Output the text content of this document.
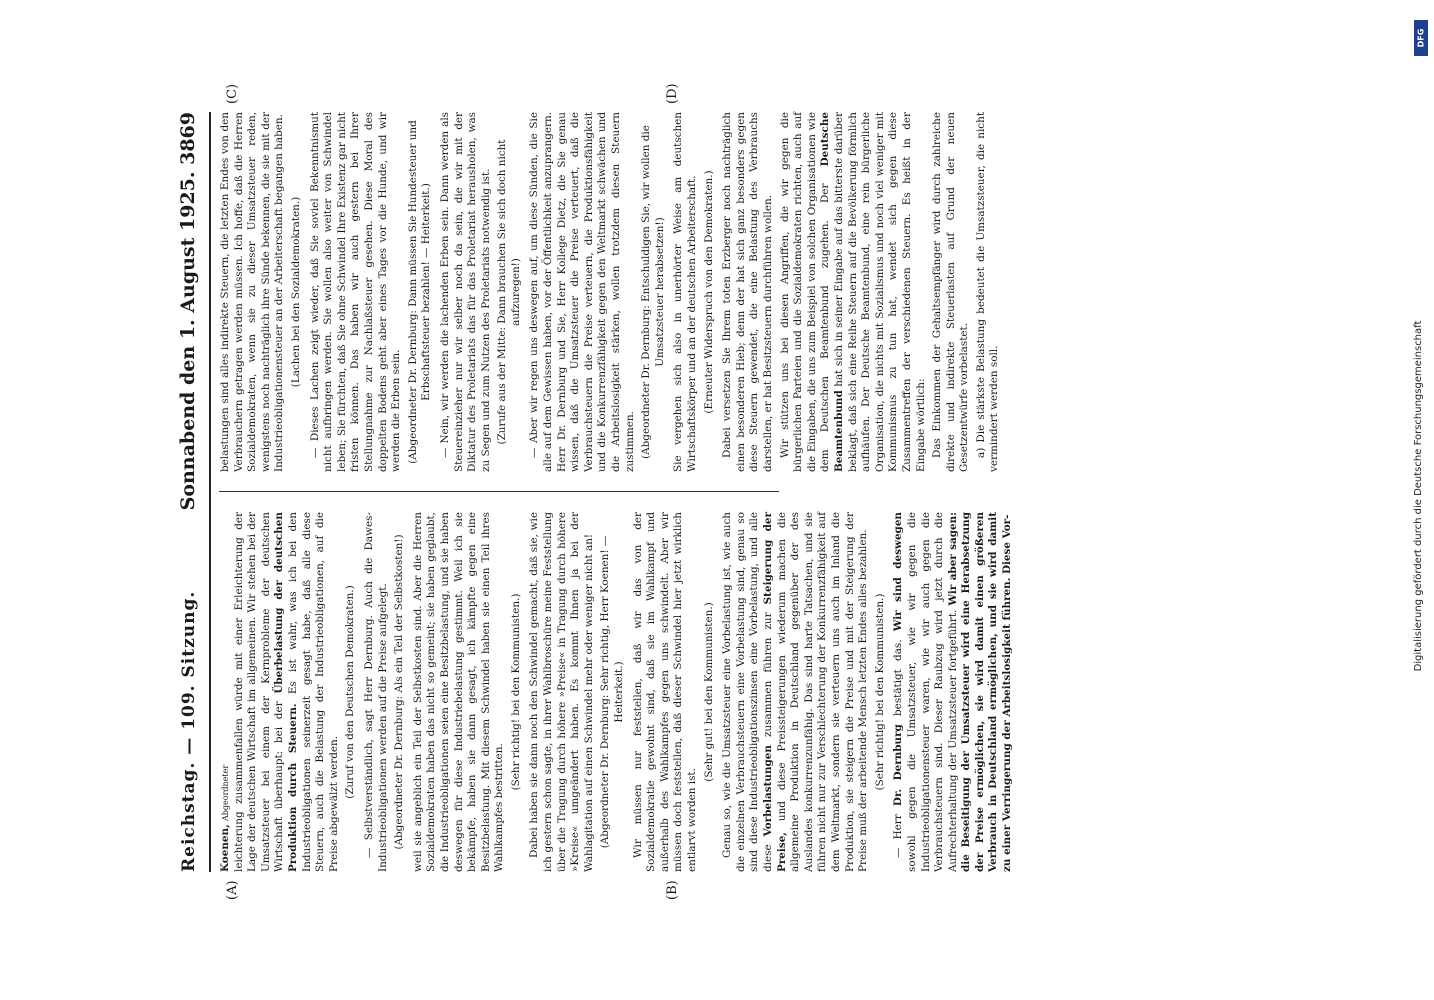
Reichstag. — 109. Sitzung.
Sonnabend den 1. August 1925. 3869
(A)	(B)
(C)	(D)

Koenen, Abgeordneter leichterung zusammenfallen würde mit einer Erleichterung der Lage der deutschen Wirtschaft im allgemeinen. Wir stehen bei der Umsatzsteuer bei einem der Kernprobleme der deutschen Wirtschaft überhaupt: bei der Überbelastung der deutschen Produktion durch Steuern. Es ist wahr, was ich bei den Industrieobligationen seinerzeit gesagt habe, daß alle diese Steuern, auch die Belastung der Industrieobligationen, auf die Preise abgewälzt werden.

(Zuruf von den Deutschen Demokraten.) — Selbstverständlich, sagt Herr Dernburg. Auch die Dawes-Industrieobligationen werden auf die Preise aufgelegt. (Abgeordneter Dr. Dernburg: Als ein Teil der Selbstkosten!) weil sie angeblich ein Teil der Selbstkosten sind. Aber die Herren Sozialdemokraten haben das nicht so gemeint; sie haben geglaubt, die Industrieobligationen seien eine Besitzbelastung, und sie haben deswegen für diese Industriebelastung gestimmt. Weil ich sie bekämpfe, haben sie dann gesagt, ich kämpfte gegen eine Besitzbelastung. Mit diesem Schwindel haben sie einen Teil ihres Wahlkampfes bestritten.

(Sehr richtig! bei den Kommunisten.) Dabei haben sie dann noch den Schwindel gemacht, daß sie, wie ich gestern schon sagte, in ihrer Wahlbroschüre meine Feststellung über die Tragung durch höhere »Preise« in Tragung durch höhere »Kreise« umgeändert haben. Es kommt Ihnen ja bei der Wahlagitation auf einen Schwindel mehr oder weniger nicht an! (Abgeordneter Dr. Dernburg: Sehr richtig, Herr Koenen! — Heiterkeit.) Wir müssen nur feststellen, daß wir das von der Sozialdemokratie gewohnt sind, daß sie im Wahlkampf und außerhalb des Wahlkampfes gegen uns schwindelt. Aber wir müssen doch feststellen, daß dieser Schwindel hier jetzt wirklich entlarvt worden ist.

(Sehr gut! bei den Kommunisten.) Genau so, wie die Umsatzsteuer eine Vorbelastung ist, wie auch die einzelnen Verbrauchsteuern eine Vorbelastung sind, genau so sind diese Industrieobligationszinsen eine Vorbelastung, und alle diese Vorbelastungen zusammen führen zur Steigerung der Preise, und diese Preissteigerungen wiederum machen die allgemeine Produktion in Deutschland gegenüber der des Auslandes konkurrenzunfähig. Das sind harte Tatsachen, und sie führen nicht nur zur Verschlechterung der Konkurrenzfähigkeit auf dem Weltmarkt, sondern sie verteuern uns auch im Inland die Produktion, sie steigern die Preise und mit der Steigerung der Preise muß der arbeitende Mensch letzten Endes alles bezahlen. (Sehr richtig! bei den Kommunisten.)

— Herr Dr. Dernburg bestätigt das. Wir sind deswegen sowohl gegen die Umsatzsteuer, wie wir gegen die Industrieobligationensteuer waren, wie wir auch gegen die Verbrauchsteuern sind. Dieser Raubzug wird jetzt durch die Aufrechterhaltung der Umsatzsteuer fortgeführt. Wir aber sagen: die Beseitigung der Umsatzsteuer wird eine Herabsetzung der Preise ermöglichen, sie wird damit einen größeren Verbrauch in Deutschland ermöglichen, und sie wird damit zu einer Verringerung der Arbeitslosigkeit führen. Diese Vor-

belastungen sind alles indirekte Steuern, die letzten Endes von den Verbrauchern getragen werden müssen. Ich hoffe, daß die Herren Sozialdemokraten, wenn sie zu dieser Umsatzsteuer reden, wenigstens noch nachträglich ihre Sünde bekennen, die sie mit der Industrieobligationensteuer an der Arbeiterschaft begangen haben. (Lachen bei den Sozialdemokraten.) — Dieses Lachen zeigt wieder, daß Sie soviel Bekenntnismut nicht aufbringen werden. Sie wollen also weiter von Schwindel leben; Sie fürchten, daß Sie ohne Schwindel Ihre Existenz gar nicht fristen können. Das haben wir auch gestern bei Ihrer Stellungnahme zur Nachlaßsteuer gesehen. Diese Moral des doppelten Bodens geht aber eines Tages vor die Hunde, und wir werden die Erben sein. (Abgeordneter Dr. Dernburg: Dann müssen Sie Hundesteuer und Erbschaftsteuer bezahlen! — Heiterkeit.) — Nein, wir werden die lachenden Erben sein. Dann werden als Steuereinzieher nur wir selber noch da sein, die wir mit der Diktatur des Proletariats das für das Proletariat herausholen, was zu Segen und zum Nutzen des Proletariats notwendig ist. (Zurufe aus der Mitte: Dann brauchen Sie sich doch nicht aufzuregen!) — Aber wir regen uns deswegen auf, um diese Sünden, die Sie alle auf dem Gewissen haben, vor der Öffentlichkeit anzuprangern. Herr Dr. Dernburg und Sie, Herr Kollege Dietz, die Sie genau wissen, daß die Umsatzsteuer die Preise verteuert, daß die Verbrauchsteuern die Preise verteuern, die Produktionsfähigkeit und die Konkurrenzfähigkeit gegen den Weltmarkt schwächen und die Arbeitslosigkeit stärken, wollen trotzdem diesen Steuern zustimmen. (Abgeordneter Dr. Dernburg: Entschuldigen Sie, wir wollen die Umsatzsteuer herabsetzen!) Sie vergehen sich also in unerhörter Weise am deutschen Wirtschaftskörper und an der deutschen Arbeiterschaft. (Erneuter Widerspruch von den Demokraten.) Dabei versetzen Sie Ihrem toten Erzberger noch nachträglich einen besonderen Hieb; denn der hat sich ganz besonders gegen diese Steuern gewendet, die eine Belastung des Verbrauchs darstellen, er hat Besitzsteuern durchführen wollen. Wir stützen uns bei diesen Angriffen, die wir gegen die bürgerlichen Parteien und die Sozialdemokraten richten, auch auf die Eingaben, die uns zum Beispiel von solchen Organisationen wie dem Deutschen Beamtenbund zugehen. Der Deutsche Beamtenbund hat sich in seiner Eingabe auf das bitterste darüber beklagt, daß sich eine Reihe Steuern auf die Bevölkerung förmlich aufhäufen. Der Deutsche Beamtenbund, eine rein bürgerliche Organisation, die nichts mit Sozialismus und noch viel weniger mit Kommunismus zu tun hat, wendet sich gegen diese Zusammentreffen der verschiedenen Steuern. Es heißt in der Eingabe wörtlich: Das Einkommen der Gehaltsempfänger wird durch zahlreiche direkte und indirekte Steuerlasten auf Grund der neuen Gesetzentwürfe vorbelastet. a) Die stärkste Belastung bedeutet die Umsatzsteuer, die nicht vermindert werden soll.

DFG
Digitalisierung gefördert durch die Deutsche Forschungsgemeinschaft
